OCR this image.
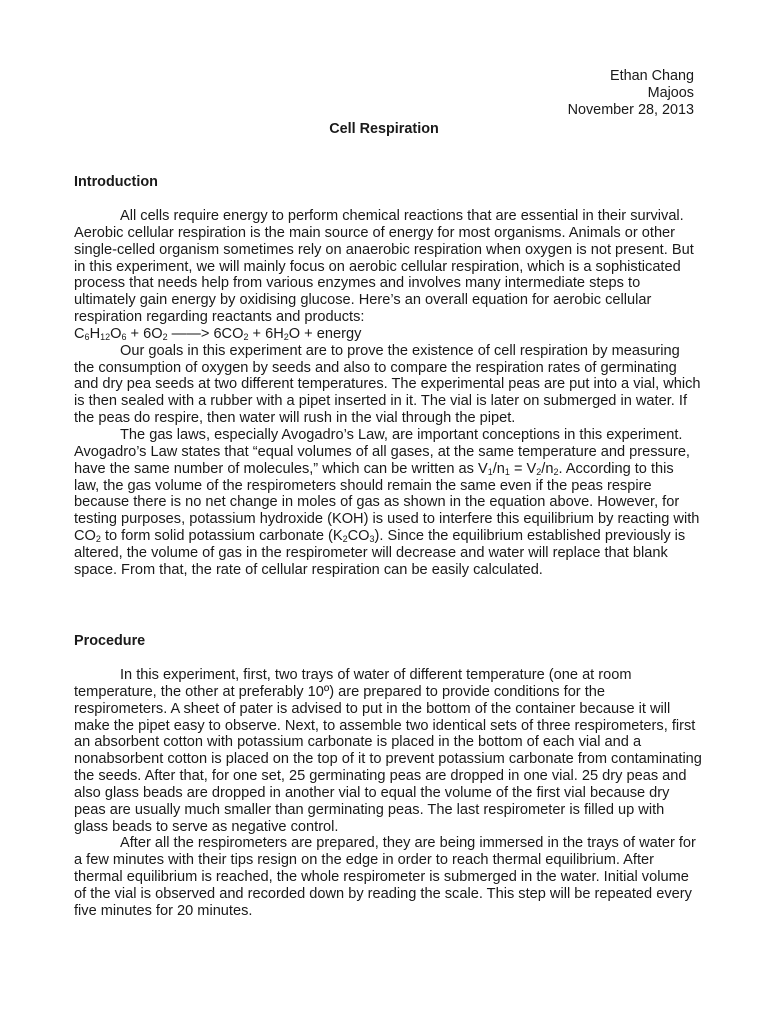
Ethan Chang
Majoos
November 28, 2013
Cell Respiration
Introduction

All cells require energy to perform chemical reactions that are essential in their survival. Aerobic cellular respiration is the main source of energy for most organisms. Animals or other single-celled organism sometimes rely on anaerobic respiration when oxygen is not present. But in this experiment, we will mainly focus on aerobic cellular respiration, which is a sophisticated process that needs help from various enzymes and involves many intermediate steps to ultimately gain energy by oxidising glucose. Here’s an overall equation for aerobic cellular respiration regarding reactants and products:

$C_6H_{12}O_6 + 6O_2$ ——> $6CO_2 + 6H_2O$ + energy

Our goals in this experiment are to prove the existence of cell respiration by measuring the consumption of oxygen by seeds and also to compare the respiration rates of germinating and dry pea seeds at two different temperatures. The experimental peas are put into a vial, which is then sealed with a rubber with a pipet inserted in it. The vial is later on submerged in water. If the peas do respire, then water will rush in the vial through the pipet.

The gas laws, especially Avogadro’s Law, are important conceptions in this experiment. Avogadro’s Law states that “equal volumes of all gases, at the same temperature and pressure, have the same number of molecules,” which can be written as $V_1/n_1 = V_2/n_2$. According to this law, the gas volume of the respirometers should remain the same even if the peas respire because there is no net change in moles of gas as shown in the equation above. However, for testing purposes, potassium hydroxide (KOH) is used to interfere this equilibrium by reacting with $CO_2$ to form solid potassium carbonate $(K_2CO_3)$. Since the equilibrium established previously is altered, the volume of gas in the respirometer will decrease and water will replace that blank space. From that, the rate of cellular respiration can be easily calculated.

Procedure

In this experiment, first, two trays of water of different temperature (one at room temperature, the other at preferably 10º) are prepared to provide conditions for the respirometers. A sheet of pater is advised to put in the bottom of the container because it will make the pipet easy to observe. Next, to assemble two identical sets of three respirometers, first an absorbent cotton with potassium carbonate is placed in the bottom of each vial and a nonabsorbent cotton is placed on the top of it to prevent potassium carbonate from contaminating the seeds. After that, for one set, 25 germinating peas are dropped in one vial. 25 dry peas and also glass beads are dropped in another vial to equal the volume of the first vial because dry peas are usually much smaller than germinating peas. The last respirometer is filled up with glass beads to serve as negative control.

After all the respirometers are prepared, they are being immersed in the trays of water for a few minutes with their tips resign on the edge in order to reach thermal equilibrium. After thermal equilibrium is reached, the whole respirometer is submerged in the water. Initial volume of the vial is observed and recorded down by reading the scale. This step will be repeated every five minutes for 20 minutes.
